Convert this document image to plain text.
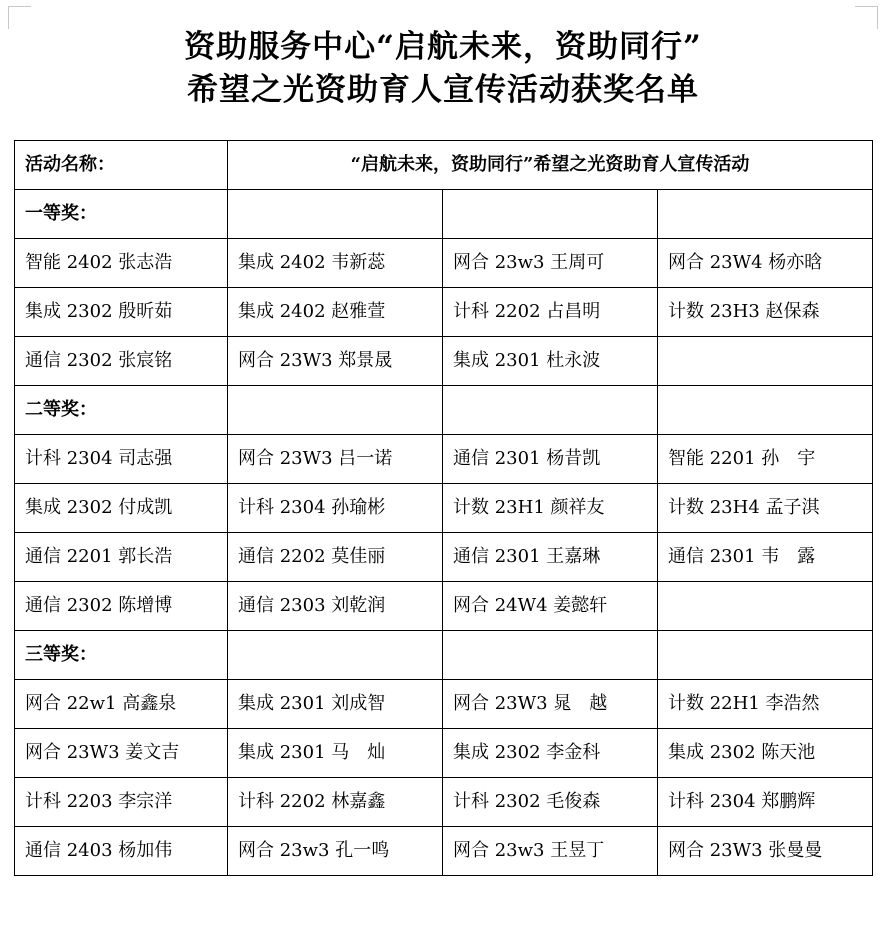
资助服务中心“启航未来，资助同行”
希望之光资助育人宣传活动获奖名单
活动名称：	“启航未来，资助同行”希望之光资助育人宣传活动		
一等奖：			
智能 2402 张志浩	集成 2402 韦新蕊	网合 23w3 王周可	网合 23W4 杨亦晗
集成 2302 殷昕茹	集成 2402 赵雅萱	计科 2202 占昌明	计数 23H3 赵保森
通信 2302 张宸铭	网合 23W3 郑景晟	集成 2301 杜永波	
二等奖：			
计科 2304 司志强	网合 23W3 吕一诺	通信 2301 杨昔凯	智能 2201 孙　宇
集成 2302 付成凯	计科 2304 孙瑜彬	计数 23H1 颜祥友	计数 23H4 孟子淇
通信 2201 郭长浩	通信 2202 莫佳丽	通信 2301 王嘉琳	通信 2301 韦　露
通信 2302 陈增博	通信 2303 刘乾润	网合 24W4 姜懿轩	
三等奖：			
网合 22w1 高鑫泉	集成 2301 刘成智	网合 23W3 晁　越	计数 22H1 李浩然
网合 23W3 姜文吉	集成 2301 马　灿	集成 2302 李金科	集成 2302 陈天池
计科 2203 李宗洋	计科 2202 林嘉鑫	计科 2302 毛俊森	计科 2304 郑鹏辉
通信 2403 杨加伟	网合 23w3 孔一鸣	网合 23w3 王昱丁	网合 23W3 张曼曼
